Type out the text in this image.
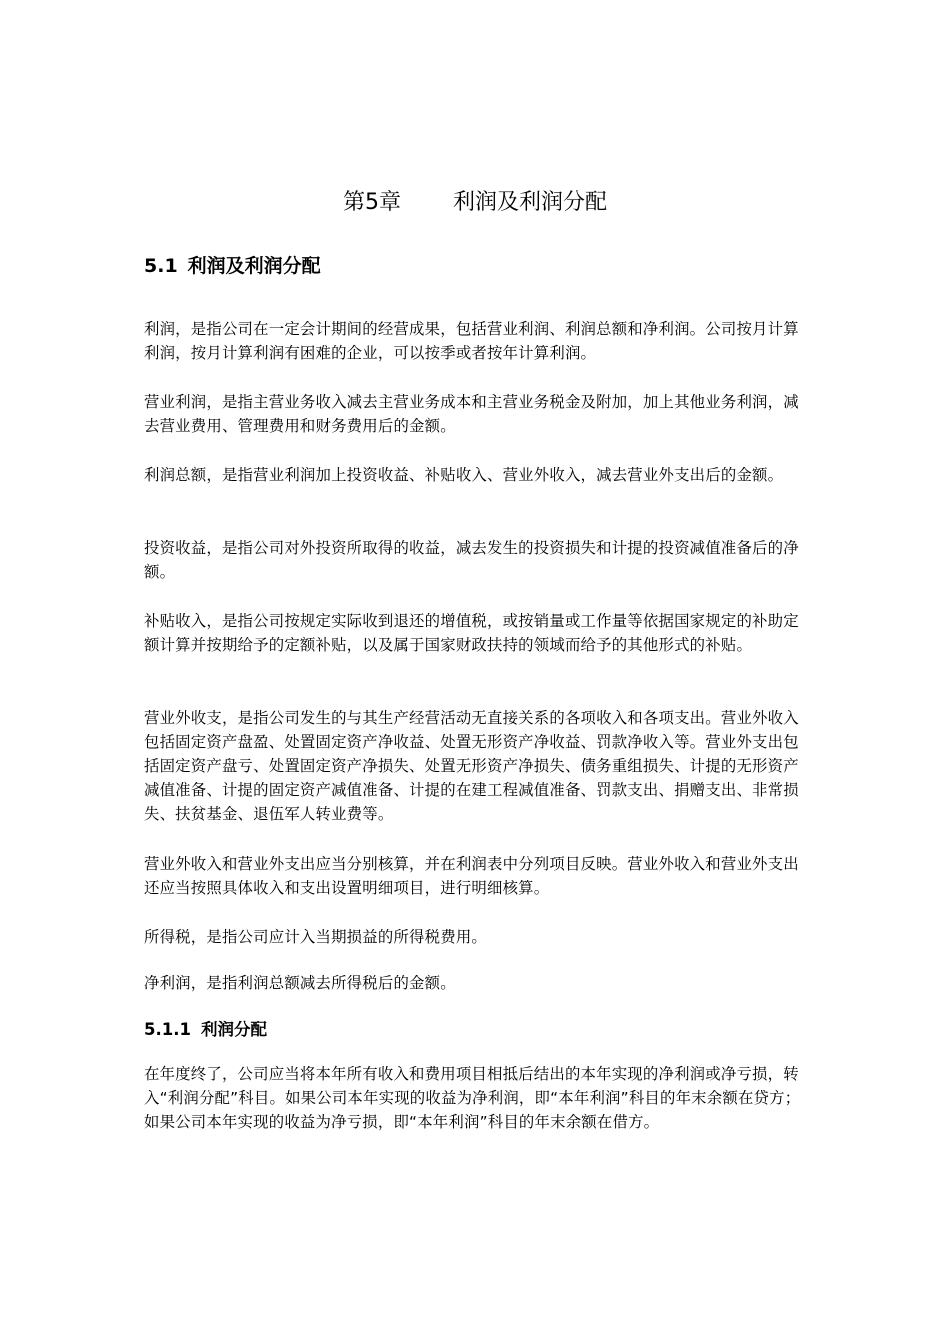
第5章 利润及利润分配
5.1 利润及利润分配

利润，是指公司在一定会计期间的经营成果，包括营业利润、利润总额和净利润。公司按月计算利润，按月计算利润有困难的企业，可以按季或者按年计算利润。

营业利润，是指主营业务收入减去主营业务成本和主营业务税金及附加，加上其他业务利润，减去营业费用、管理费用和财务费用后的金额。

利润总额，是指营业利润加上投资收益、补贴收入、营业外收入，减去营业外支出后的金额。

投资收益，是指公司对外投资所取得的收益，减去发生的投资损失和计提的投资减值准备后的净额。

补贴收入，是指公司按规定实际收到退还的增值税，或按销量或工作量等依据国家规定的补助定额计算并按期给予的定额补贴，以及属于国家财政扶持的领域而给予的其他形式的补贴。

营业外收支，是指公司发生的与其生产经营活动无直接关系的各项收入和各项支出。营业外收入包括固定资产盘盈、处置固定资产净收益、处置无形资产净收益、罚款净收入等。营业外支出包括固定资产盘亏、处置固定资产净损失、处置无形资产净损失、债务重组损失、计提的无形资产减值准备、计提的固定资产减值准备、计提的在建工程减值准备、罚款支出、捐赠支出、非常损失、扶贫基金、退伍军人转业费等。

营业外收入和营业外支出应当分别核算，并在利润表中分列项目反映。营业外收入和营业外支出还应当按照具体收入和支出设置明细项目，进行明细核算。

所得税，是指公司应计入当期损益的所得税费用。

净利润，是指利润总额减去所得税后的金额。

5.1.1 利润分配

在年度终了，公司应当将本年所有收入和费用项目相抵后结出的本年实现的净利润或净亏损，转入“利润分配”科目。如果公司本年实现的收益为净利润，即“本年利润”科目的年末余额在贷方；如果公司本年实现的收益为净亏损，即“本年利润”科目的年末余额在借方。
